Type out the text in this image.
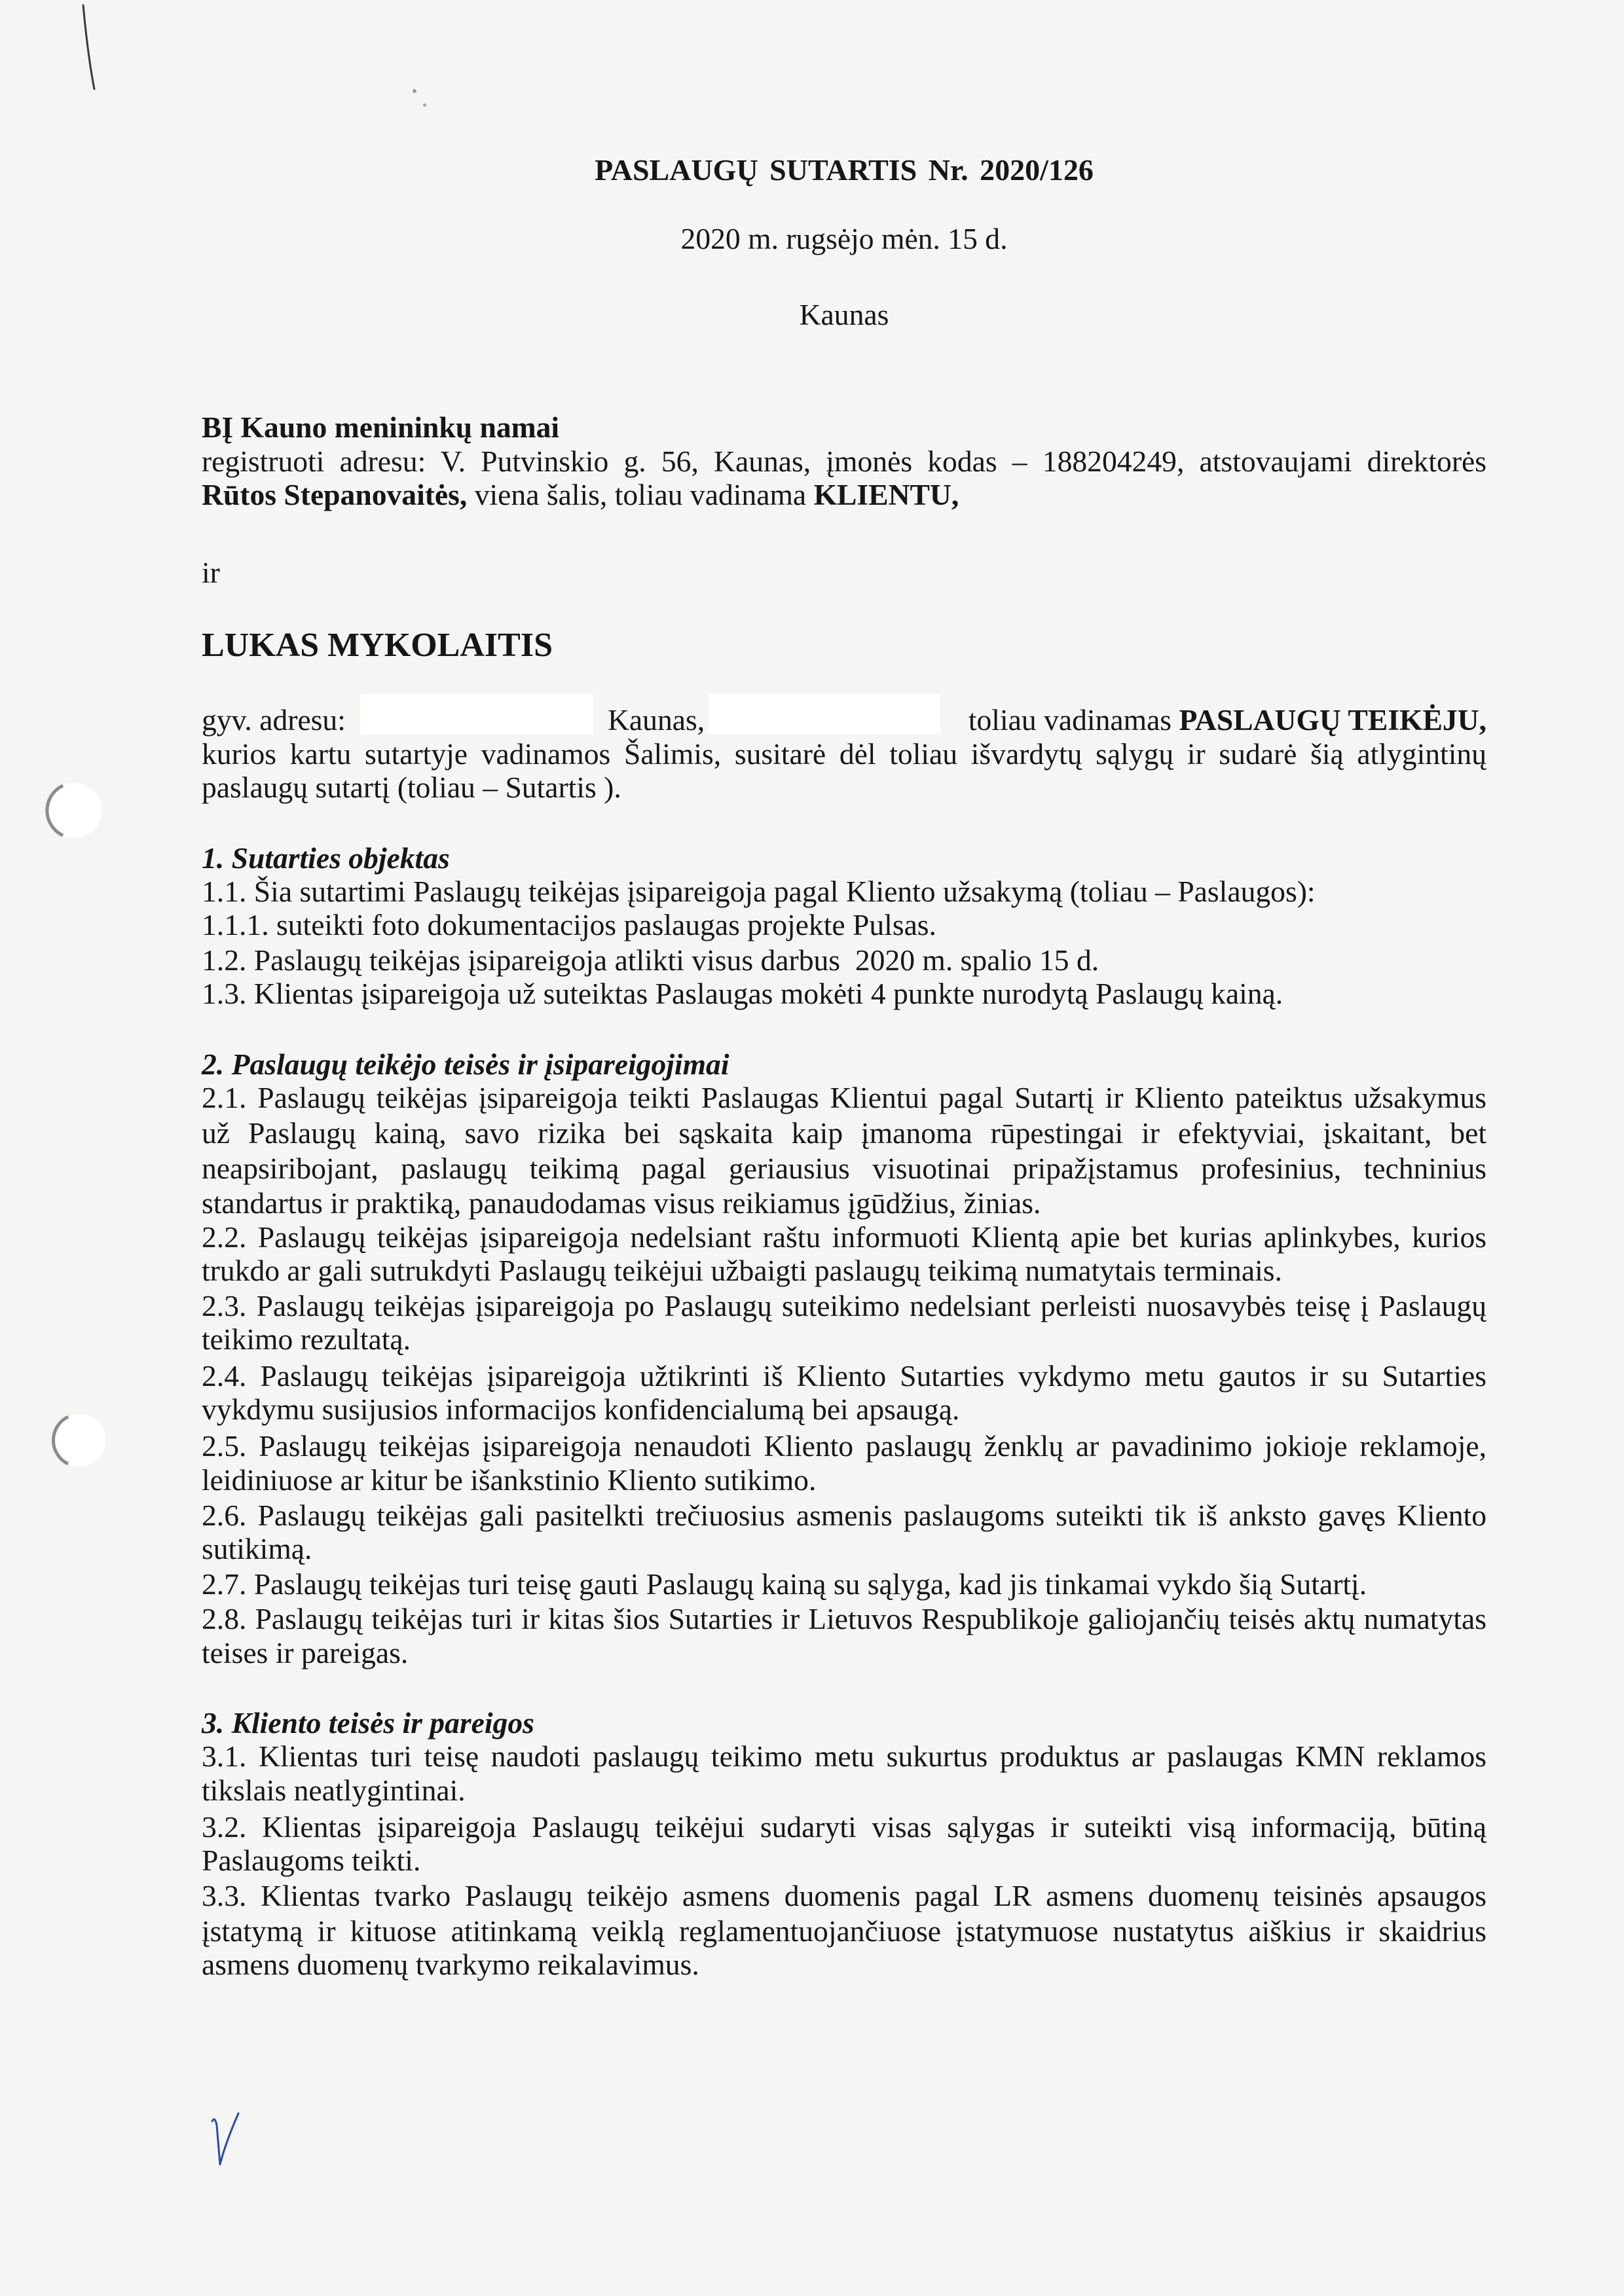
PASLAUGŲ SUTARTIS Nr. 2020/126
2020 m. rugsėjo mėn. 15 d.
Kaunas
BĮ Kauno menininkų namai
registruoti adresu: V. Putvinskio g. 56, Kaunas, įmonės kodas – 188204249, atstovaujami direktorės
Rūtos Stepanovaitės, viena šalis, toliau vadinama KLIENTU,
ir
LUKAS MYKOLAITIS

gyv. adresu:

	Kaunas,

	toliau vadinamas PASLAUGŲ TEIKĖJU,

kurios kartu sutartyje vadinamos Šalimis, susitarė dėl toliau išvardytų sąlygų ir sudarė šią atlygintinų
paslaugų sutartį (toliau – Sutartis ).
1. Sutarties objektas
1.1. Šia sutartimi Paslaugų teikėjas įsipareigoja pagal Kliento užsakymą (toliau – Paslaugos):
1.1.1. suteikti foto dokumentacijos paslaugas projekte Pulsas.
1.2. Paslaugų teikėjas įsipareigoja atlikti visus darbus  2020 m. spalio 15 d.
1.3. Klientas įsipareigoja už suteiktas Paslaugas mokėti 4 punkte nurodytą Paslaugų kainą.
2. Paslaugų teikėjo teisės ir įsipareigojimai
2.1. Paslaugų teikėjas įsipareigoja teikti Paslaugas Klientui pagal Sutartį ir Kliento pateiktus užsakymus
už Paslaugų kainą, savo rizika bei sąskaita kaip įmanoma rūpestingai ir efektyviai, įskaitant, bet
neapsiribojant, paslaugų teikimą pagal geriausius visuotinai pripažįstamus profesinius, techninius
standartus ir praktiką, panaudodamas visus reikiamus įgūdžius, žinias.
2.2. Paslaugų teikėjas įsipareigoja nedelsiant raštu informuoti Klientą apie bet kurias aplinkybes, kurios
trukdo ar gali sutrukdyti Paslaugų teikėjui užbaigti paslaugų teikimą numatytais terminais.
2.3. Paslaugų teikėjas įsipareigoja po Paslaugų suteikimo nedelsiant perleisti nuosavybės teisę į Paslaugų
teikimo rezultatą.
2.4. Paslaugų teikėjas įsipareigoja užtikrinti iš Kliento Sutarties vykdymo metu gautos ir su Sutarties
vykdymu susijusios informacijos konfidencialumą bei apsaugą.
2.5. Paslaugų teikėjas įsipareigoja nenaudoti Kliento paslaugų ženklų ar pavadinimo jokioje reklamoje,
leidiniuose ar kitur be išankstinio Kliento sutikimo.
2.6. Paslaugų teikėjas gali pasitelkti trečiuosius asmenis paslaugoms suteikti tik iš anksto gavęs Kliento
sutikimą.
2.7. Paslaugų teikėjas turi teisę gauti Paslaugų kainą su sąlyga, kad jis tinkamai vykdo šią Sutartį.
2.8. Paslaugų teikėjas turi ir kitas šios Sutarties ir Lietuvos Respublikoje galiojančių teisės aktų numatytas
teises ir pareigas.
3. Kliento teisės ir pareigos
3.1. Klientas turi teisę naudoti paslaugų teikimo metu sukurtus produktus ar paslaugas KMN reklamos
tikslais neatlygintinai.
3.2. Klientas įsipareigoja Paslaugų teikėjui sudaryti visas sąlygas ir suteikti visą informaciją, būtiną
Paslaugoms teikti.
3.3. Klientas tvarko Paslaugų teikėjo asmens duomenis pagal LR asmens duomenų teisinės apsaugos
įstatymą ir kituose atitinkamą veiklą reglamentuojančiuose įstatymuose nustatytus aiškius ir skaidrius
asmens duomenų tvarkymo reikalavimus.
